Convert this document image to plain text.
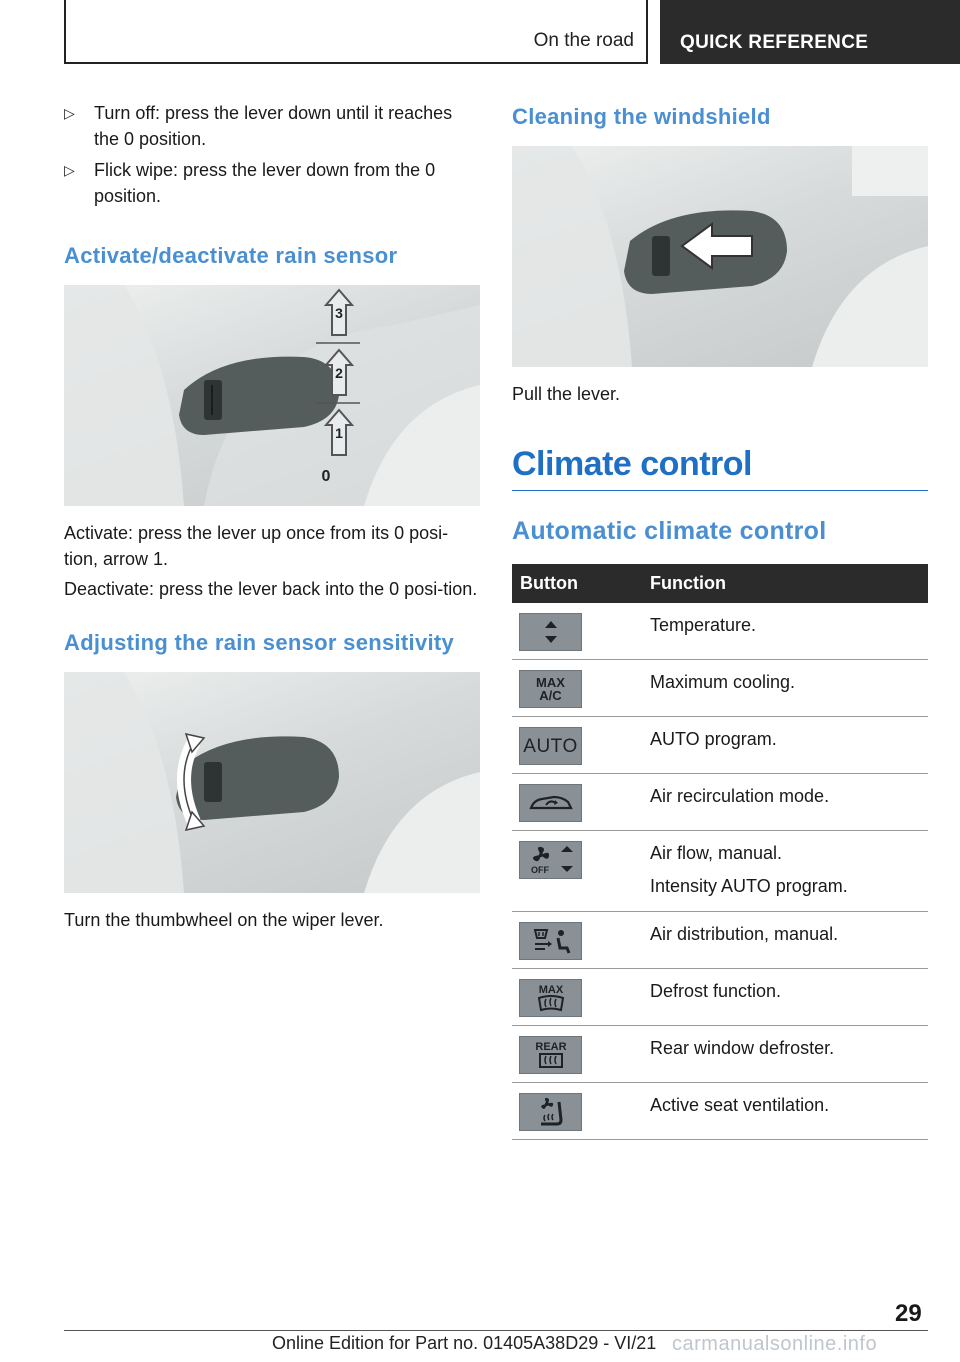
On the road QUICK REFERENCE
▷ Turn off: press the lever down until it reaches the 0 position.
▷ Flick wipe: press the lever down from the 0 position.
Activate/deactivate rain sensor
3
2
1
0

Activate: press the lever up once from its 0 posi-tion, arrow 1.

Deactivate: press the lever back into the 0 posi-tion.

Adjusting the rain sensor sensitivity

Turn the thumbwheel on the wiper lever.

Cleaning the windshield

Pull the lever.

Climate control
Automatic climate control
Button	Function

	Temperature.

MAX
A/C	Maximum cooling.

AUTO	AUTO program.

	Air recirculation mode.

OFF	Air flow, manual.
Intensity AUTO program.

	Air distribution, manual.

MAX	Defrost function.

REAR	Rear window defroster.

	Active seat ventilation.
29
Online Edition for Part no. 01405A38D29 - VI/21 carmanualsonline.info
